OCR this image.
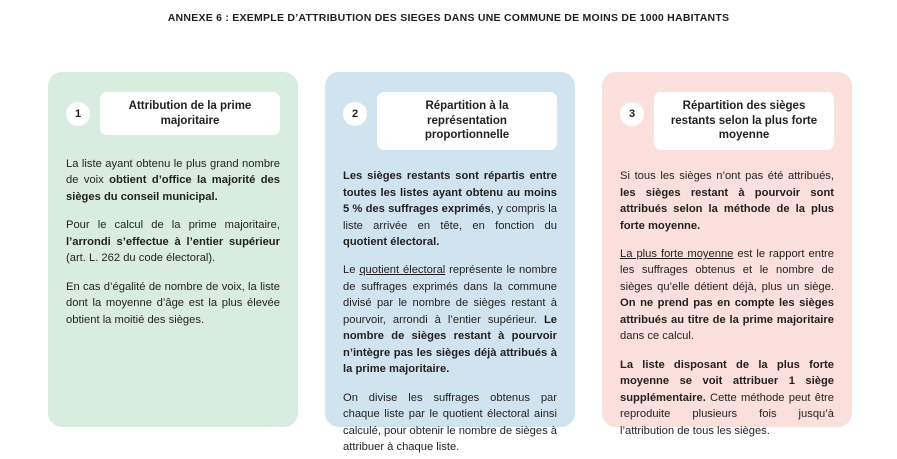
ANNEXE 6 : EXEMPLE D’ATTRIBUTION DES SIEGES DANS UNE COMMUNE DE MOINS DE 1000 HABITANTS
1
Attribution de la prime majoritaire

La liste ayant obtenu le plus grand nombre de voix obtient d’office la majorité des sièges du conseil municipal.

Pour le calcul de la prime majoritaire, l’arrondi s’effectue à l’entier supérieur (art. L. 262 du code électoral).

En cas d’égalité de nombre de voix, la liste dont la moyenne d’âge est la plus élevée obtient la moitié des sièges.

2
Répartition à la représentation proportionnelle

Les sièges restants sont répartis entre toutes les listes ayant obtenu au moins 5 % des suffrages exprimés, y compris la liste arrivée en tête, en fonction du quotient électoral.

Le quotient électoral représente le nombre de suffrages exprimés dans la commune divisé par le nombre de sièges restant à pourvoir, arrondi à l’entier supérieur. Le nombre de sièges restant à pourvoir n’intègre pas les sièges déjà attribués à la prime majoritaire.

On divise les suffrages obtenus par chaque liste par le quotient électoral ainsi calculé, pour obtenir le nombre de sièges à attribuer à chaque liste.

3
Répartition des sièges restants selon la plus forte moyenne

Si tous les sièges n’ont pas été attribués, les sièges restant à pourvoir sont attribués selon la méthode de la plus forte moyenne.

La plus forte moyenne est le rapport entre les suffrages obtenus et le nombre de sièges qu’elle détient déjà, plus un siège. On ne prend pas en compte les sièges attribués au titre de la prime majoritaire dans ce calcul.

La liste disposant de la plus forte moyenne se voit attribuer 1 siège supplémentaire. Cette méthode peut être reproduite plusieurs fois jusqu’à l’attribution de tous les sièges.
